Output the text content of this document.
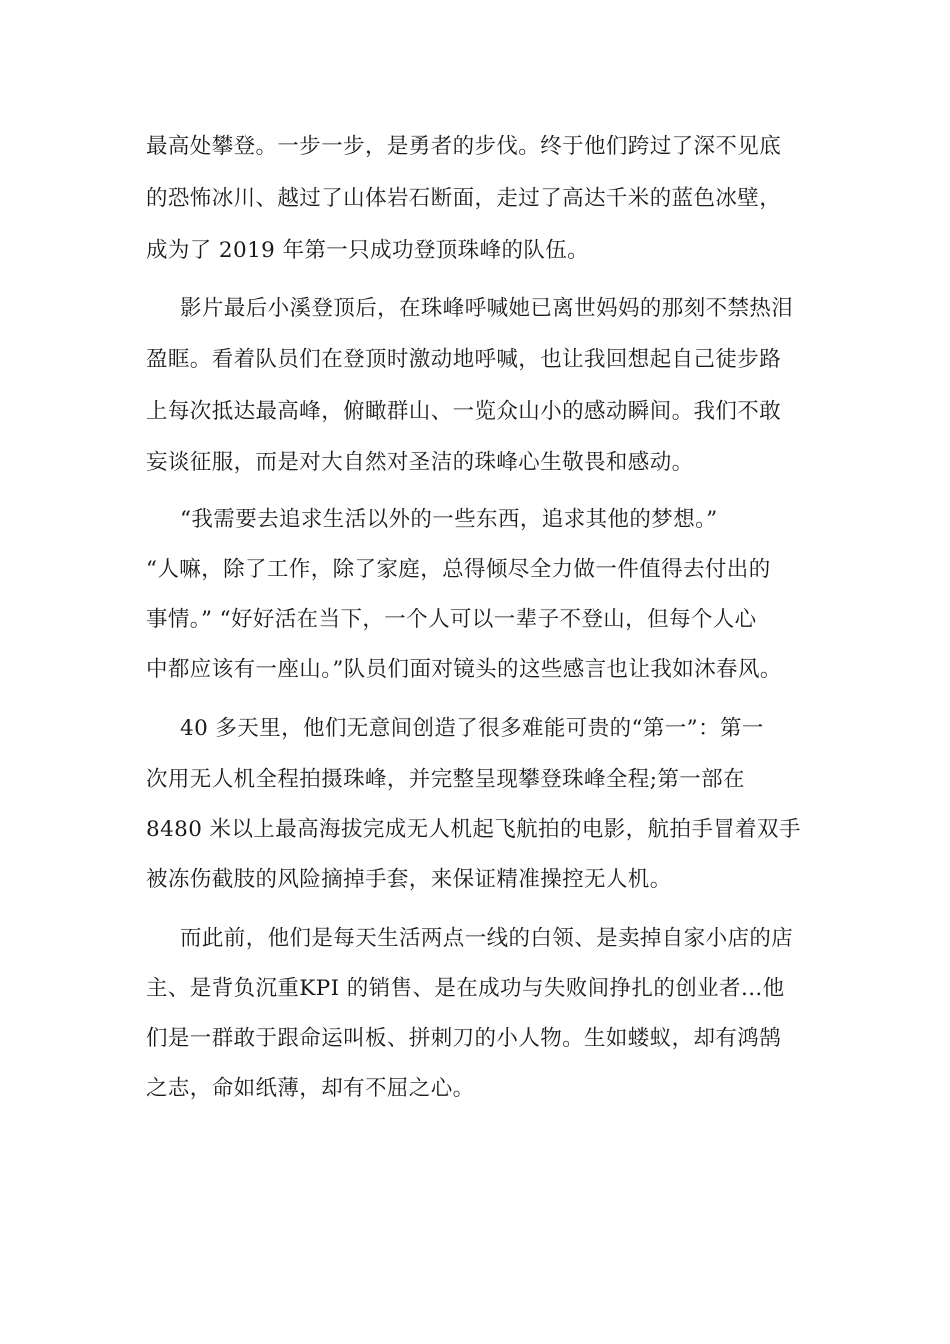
最高处攀登。一步一步，是勇者的步伐。终于他们跨过了深不见底
的恐怖冰川、越过了山体岩石断面，走过了高达千米的蓝色冰壁，
成为了 2019 年第一只成功登顶珠峰的队伍。
影片最后小溪登顶后，在珠峰呼喊她已离世妈妈的那刻不禁热泪
盈眶。看着队员们在登顶时激动地呼喊，也让我回想起自己徒步路
上每次抵达最高峰，俯瞰群山、一览众山小的感动瞬间。我们不敢
妄谈征服，而是对大自然对圣洁的珠峰心生敬畏和感动。
“我需要去追求生活以外的一些东西，追求其他的梦想。”
“人嘛，除了工作，除了家庭，总得倾尽全力做一件值得去付出的
事情。” “好好活在当下，一个人可以一辈子不登山，但每个人心
中都应该有一座山。”队员们面对镜头的这些感言也让我如沐春风。
40 多天里，他们无意间创造了很多难能可贵的“第一”：第一
次用无人机全程拍摄珠峰，并完整呈现攀登珠峰全程;第一部在
8480 米以上最高海拔完成无人机起飞航拍的电影，航拍手冒着双手
被冻伤截肢的风险摘掉手套，来保证精准操控无人机。
而此前，他们是每天生活两点一线的白领、是卖掉自家小店的店
主、是背负沉重KPI 的销售、是在成功与失败间挣扎的创业者...他
们是一群敢于跟命运叫板、拼刺刀的小人物。生如蝼蚁，却有鸿鹄
之志，命如纸薄，却有不屈之心。
